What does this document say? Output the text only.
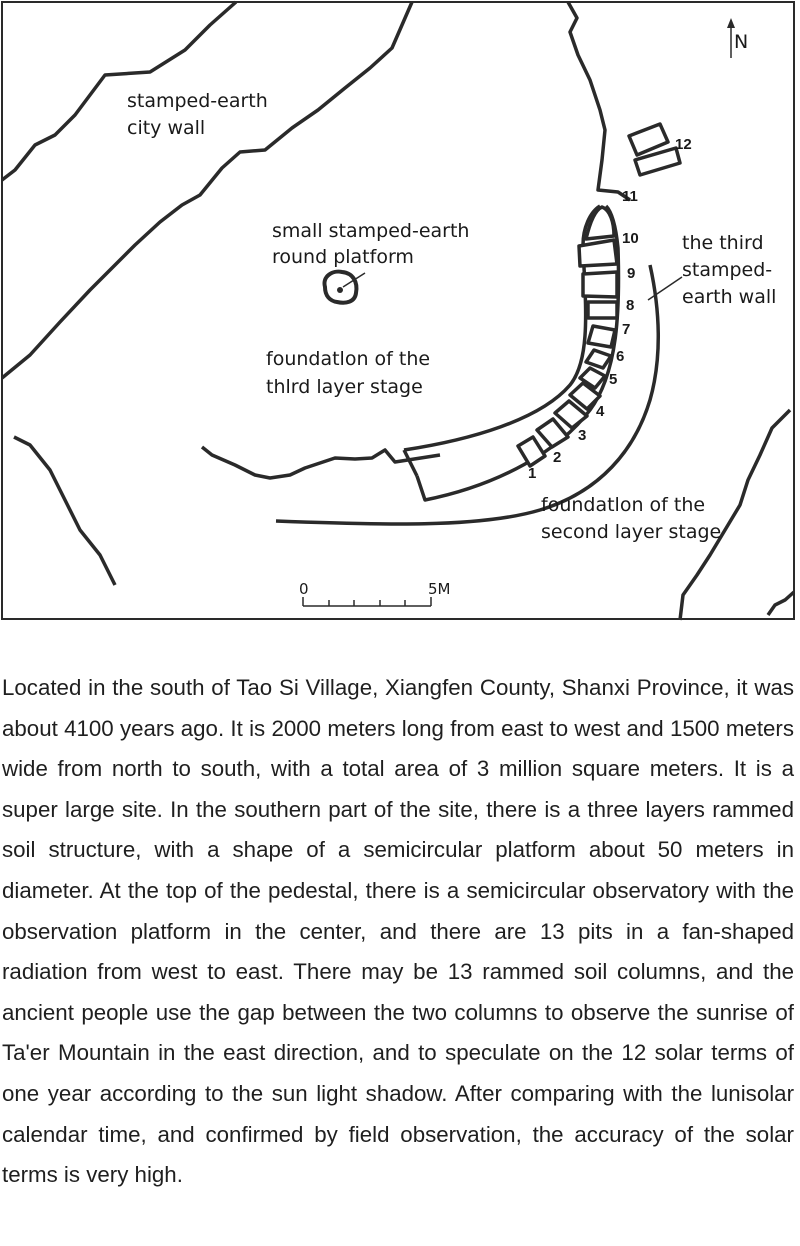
N
stamped-earth
city wall
small stamped-earth
round platform
foundatlon of the
thlrd layer stage
the third
stamped-
earth wall
foundatlon of the
second layer stage
1
2
3
4
5
6
7
8
9
10
11
12
0	5M

Located in the south of Tao Si Village, Xiangfen County, Shanxi Province, it was about 4100 years ago. It is 2000 meters long from east to west and 1500 meters wide from north to south, with a total area of 3 million square meters. It is a super large site. In the southern part of the site, there is a three layers rammed soil structure, with a shape of a semicircular platform about 50 meters in diameter. At the top of the pedestal, there is a semicircular observatory with the observation platform in the center, and there are 13 pits in a fan-shaped radiation from west to east. There may be 13 rammed soil columns, and the ancient people use the gap between the two columns to observe the sunrise of Ta'er Mountain in the east direction, and to speculate on the 12 solar terms of one year according to the sun light shadow. After comparing with the lunisolar calendar time, and confirmed by field observation, the accuracy of the solar terms is very high.
